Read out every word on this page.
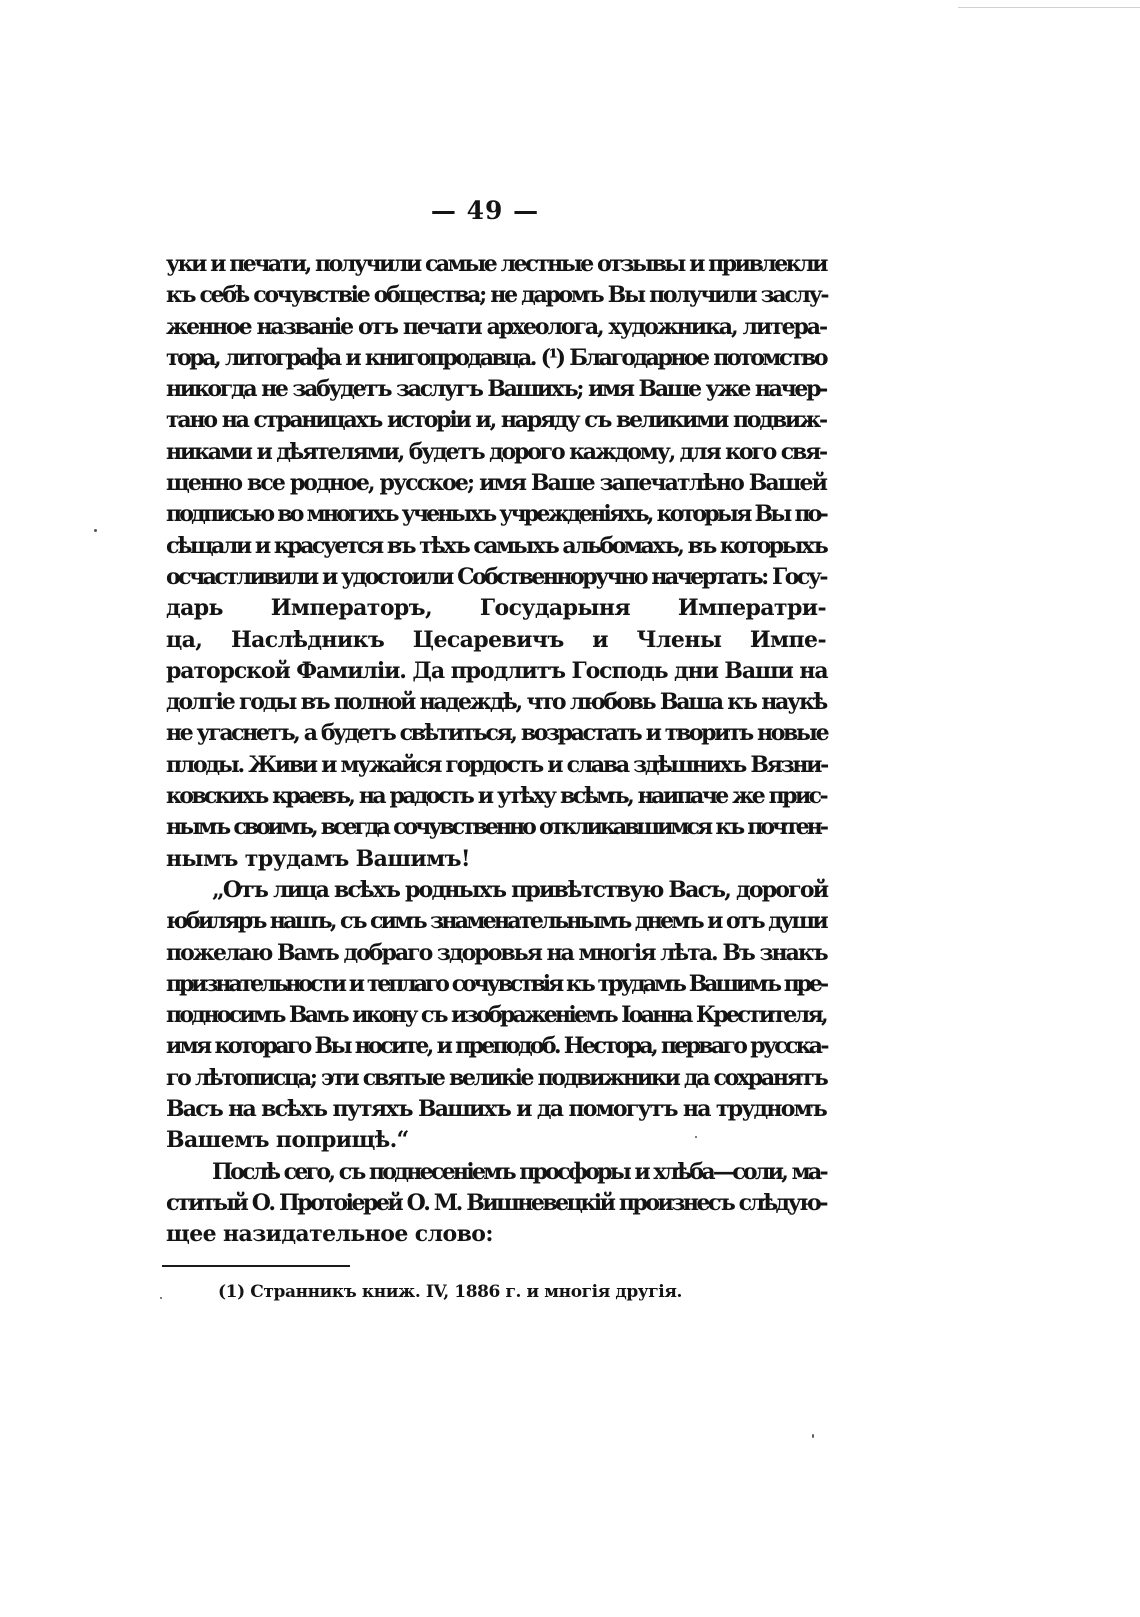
— 49 —
уки и печати, получили самые лестные отзывы и привлекли
къ себѣ сочувствіе общества; не даромъ Вы получили заслу-
женное названіе отъ печати археолога, художника, литера-
тора, литографа и книгопродавца. (¹) Благодарное потомство
никогда не забудетъ заслугъ Вашихъ; имя Ваше уже начер-
тано на страницахъ исторіи и, наряду съ великими подвиж-
никами и дѣятелями, будетъ дорого каждому, для кого свя-
щенно все родное, русское; имя Ваше запечатлѣно Вашей
подписью во многихъ ученыхъ учрежденіяхъ, которыя Вы по-
сѣщали и красуется въ тѣхъ самыхъ альбомахъ, въ которыхъ
осчастливили и удостоили Собственноручно начертать: Госу-
дарь Императоръ, Государыня Императри-
ца, Наслѣдникъ Цесаревичъ и Члены Импе-
раторской Фамиліи. Да продлитъ Господь дни Ваши на
долгіе годы въ полной надеждѣ, что любовь Ваша къ наукѣ
не угаснетъ, а будетъ свѣтиться, возрастать и творить новые
плоды. Живи и мужайся гордость и слава здѣшнихъ Вязни-
ковскихъ краевъ, на радость и утѣху всѣмъ, наипаче же прис-
нымъ своимъ, всегда сочувственно откликавшимся къ почтен-
нымъ трудамъ Вашимъ!
„Отъ лица всѣхъ родныхъ привѣтствую Васъ, дорогой
юбиляръ нашъ, съ симъ знаменательнымъ днемъ и отъ души
пожелаю Вамъ добраго здоровья на многія лѣта. Въ знакъ
признательности и теплаго сочувствія къ трудамъ Вашимъ пре-
подносимъ Вамъ икону съ изображеніемъ Іоанна Крестителя,
имя котораго Вы носите, и преподоб. Нестора, перваго русска-
го лѣтописца; эти святые великіе подвижники да сохранятъ
Васъ на всѣхъ путяхъ Вашихъ и да помогутъ на трудномъ
Вашемъ поприщѣ.“
Послѣ сего, съ поднесеніемъ просфоры и хлѣба—соли, ма-
ститый О. Протоіерей О. М. Вишневецкій произнесъ слѣдую-
щее назидательное слово:
(1) Странникъ книж. IV, 1886 г. и многія другія.
